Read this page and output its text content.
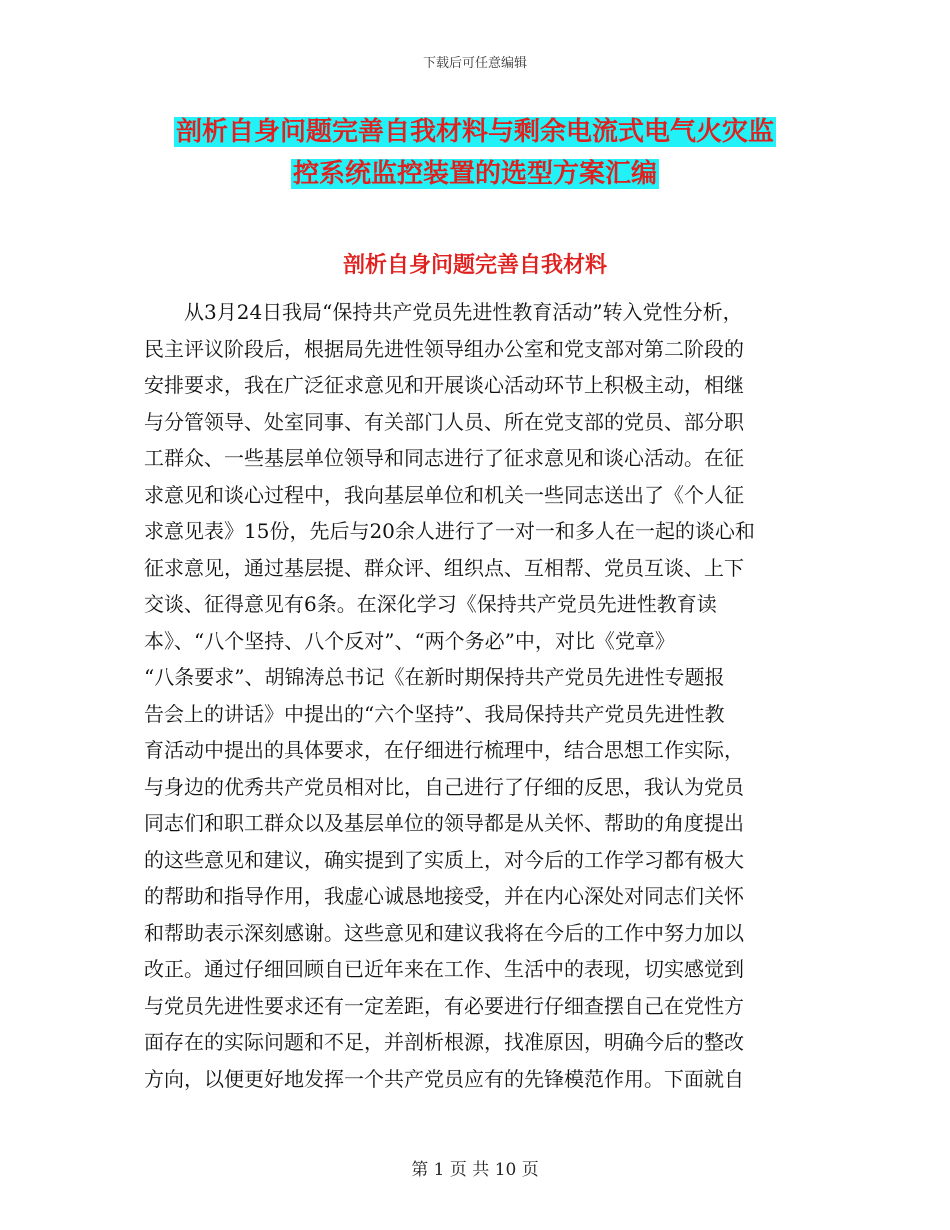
下载后可任意编辑
剖析自身问题完善自我材料与剩余电流式电气火灾监
控系统监控装置的选型方案汇编
剖析自身问题完善自我材料
从3月24日我局“保持共产党员先进性教育活动”转入党性分析，
民主评议阶段后，根据局先进性领导组办公室和党支部对第二阶段的
安排要求，我在广泛征求意见和开展谈心活动环节上积极主动，相继
与分管领导、处室同事、有关部门人员、所在党支部的党员、部分职
工群众、一些基层单位领导和同志进行了征求意见和谈心活动。在征
求意见和谈心过程中，我向基层单位和机关一些同志送出了《个人征
求意见表》15份，先后与20余人进行了一对一和多人在一起的谈心和
征求意见，通过基层提、群众评、组织点、互相帮、党员互谈、上下
交谈、征得意见有6条。在深化学习《保持共产党员先进性教育读
本》、“八个坚持、八个反对”、“两个务必”中，对比《党章》
“八条要求”、胡锦涛总书记《在新时期保持共产党员先进性专题报
告会上的讲话》中提出的“六个坚持”、我局保持共产党员先进性教
育活动中提出的具体要求，在仔细进行梳理中，结合思想工作实际，
与身边的优秀共产党员相对比，自己进行了仔细的反思，我认为党员
同志们和职工群众以及基层单位的领导都是从关怀、帮助的角度提出
的这些意见和建议，确实提到了实质上，对今后的工作学习都有极大
的帮助和指导作用，我虚心诚恳地接受，并在内心深处对同志们关怀
和帮助表示深刻感谢。这些意见和建议我将在今后的工作中努力加以
改正。通过仔细回顾自已近年来在工作、生活中的表现，切实感觉到
与党员先进性要求还有一定差距，有必要进行仔细查摆自己在党性方
面存在的实际问题和不足，并剖析根源，找准原因，明确今后的整改
方向，以便更好地发挥一个共产党员应有的先锋模范作用。下面就自
第 1 页 共 10 页
